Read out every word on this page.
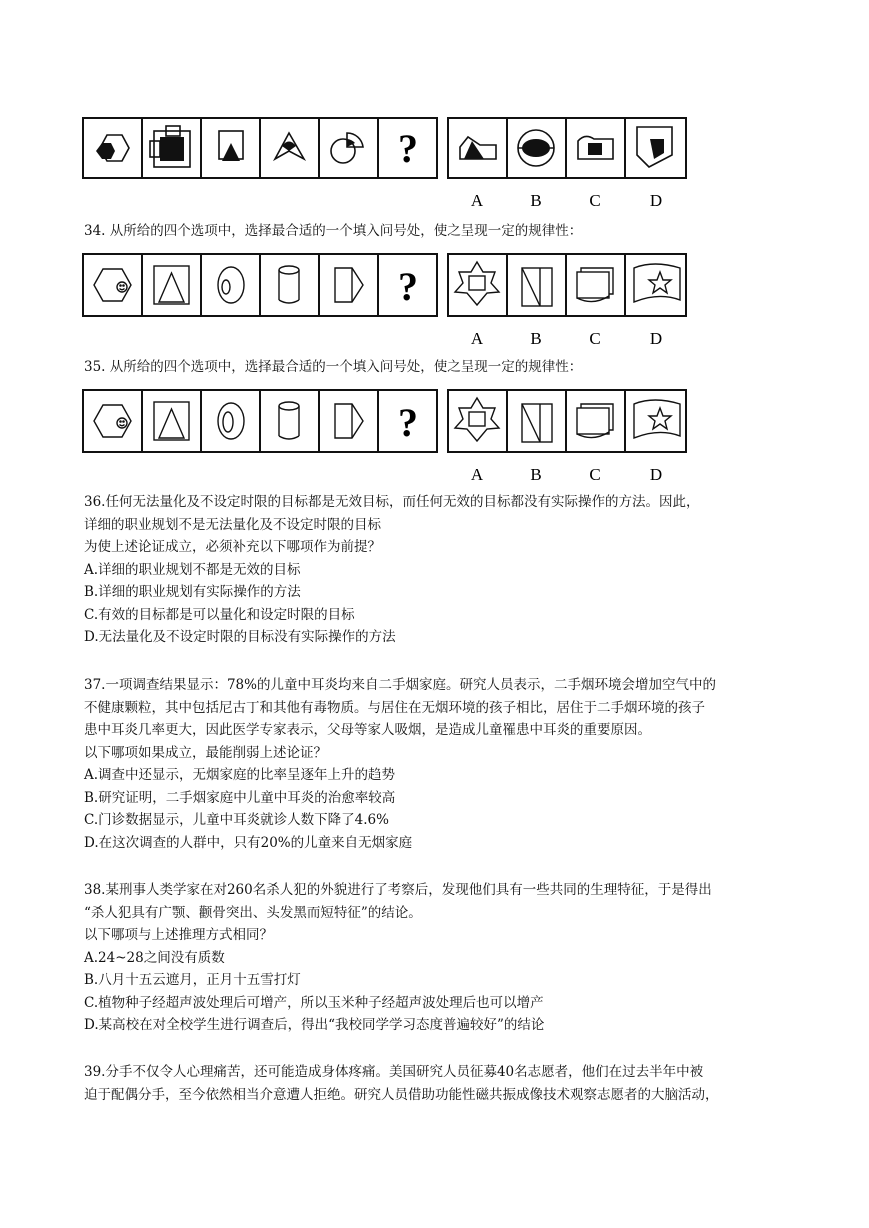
?
A	B	C	D
34. 从所给的四个选项中，选择最合适的一个填入问号处，使之呈现一定的规律性：
?
A	B	C	D
35. 从所给的四个选项中，选择最合适的一个填入问号处，使之呈现一定的规律性：
?
A	B	C	D
36.任何无法量化及不设定时限的目标都是无效目标，而任何无效的目标都没有实际操作的方法。因此，
详细的职业规划不是无法量化及不设定时限的目标
为使上述论证成立，必须补充以下哪项作为前提？
A.详细的职业规划不都是无效的目标
B.详细的职业规划有实际操作的方法
C.有效的目标都是可以量化和设定时限的目标
D.无法量化及不设定时限的目标没有实际操作的方法
37.一项调查结果显示：78%的儿童中耳炎均来自二手烟家庭。研究人员表示，二手烟环境会增加空气中的
不健康颗粒，其中包括尼古丁和其他有毒物质。与居住在无烟环境的孩子相比，居住于二手烟环境的孩子
患中耳炎几率更大，因此医学专家表示，父母等家人吸烟，是造成儿童罹患中耳炎的重要原因。
以下哪项如果成立，最能削弱上述论证？
A.调查中还显示，无烟家庭的比率呈逐年上升的趋势
B.研究证明，二手烟家庭中儿童中耳炎的治愈率较高
C.门诊数据显示，儿童中耳炎就诊人数下降了4.6%
D.在这次调查的人群中，只有20%的儿童来自无烟家庭
38.某刑事人类学家在对260名杀人犯的外貌进行了考察后，发现他们具有一些共同的生理特征，于是得出
“杀人犯具有广颚、颧骨突出、头发黑而短特征”的结论。
以下哪项与上述推理方式相同？
A.24~28之间没有质数
B.八月十五云遮月，正月十五雪打灯
C.植物种子经超声波处理后可增产，所以玉米种子经超声波处理后也可以增产
D.某高校在对全校学生进行调查后，得出“我校同学学习态度普遍较好”的结论
39.分手不仅令人心理痛苦，还可能造成身体疼痛。美国研究人员征募40名志愿者，他们在过去半年中被
迫于配偶分手，至今依然相当介意遭人拒绝。研究人员借助功能性磁共振成像技术观察志愿者的大脑活动，
